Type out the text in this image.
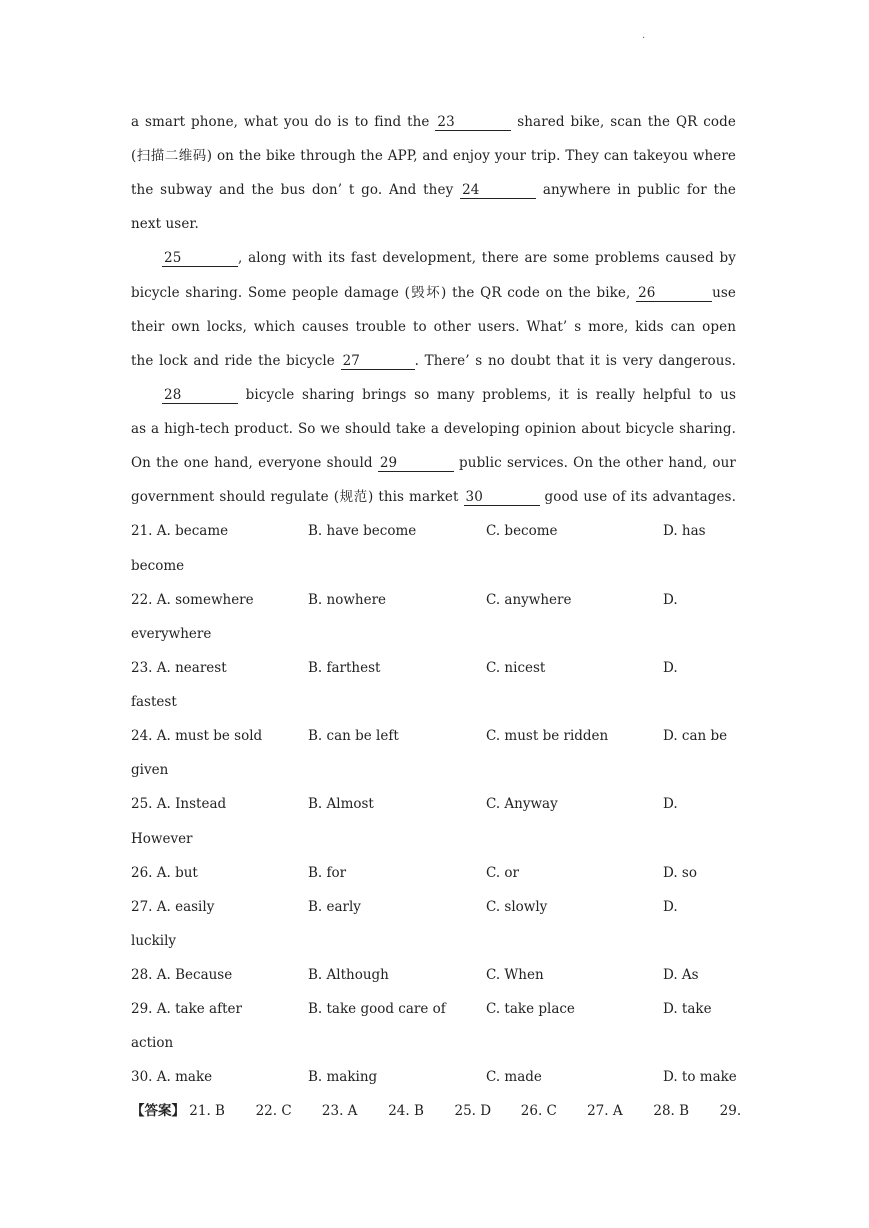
.
a smart phone, what you do is to find the 23	shared bike, scan the QR code
(扫描二维码) on the bike through the APP, and enjoy your trip. They can takeyou where
the subway and the bus don’ t go. And they 24	anywhere in public for the
next user.
25	, along with its fast development, there are some problems caused by
bicycle sharing. Some people damage (毁坏) the QR code on the bike, 26	use
their own locks, which causes trouble to other users. What’ s more, kids can open
the lock and ride the bicycle 27	. There’ s no doubt that it is very dangerous.
28	bicycle sharing brings so many problems, it is really helpful to us
as a high-tech product. So we should take a developing opinion about bicycle sharing.
On the one hand, everyone should 29	public services. On the other hand, our
government should regulate (规范) this market 30	good use of its advantages.
21. A. became	B. have become	C. become	D. has
become
22. A. somewhere	B. nowhere	C. anywhere	D.
everywhere
23. A. nearest	B. farthest	C. nicest	D.
fastest
24. A. must be sold	B. can be left	C. must be ridden	D. can be
given
25. A. Instead	B. Almost	C. Anyway	D.
However
26. A. but	B. for	C. or	D. so
27. A. easily	B. early	C. slowly	D.
luckily
28. A. Because	B. Although	C. When	D. As
29. A. take after	B. take good care of	C. take place	D. take
action
30. A. make	B. making	C. made	D. to make
【答案】 21. B 22. C 23. A 24. B 25. D 26. C 27. A 28. B 29.
